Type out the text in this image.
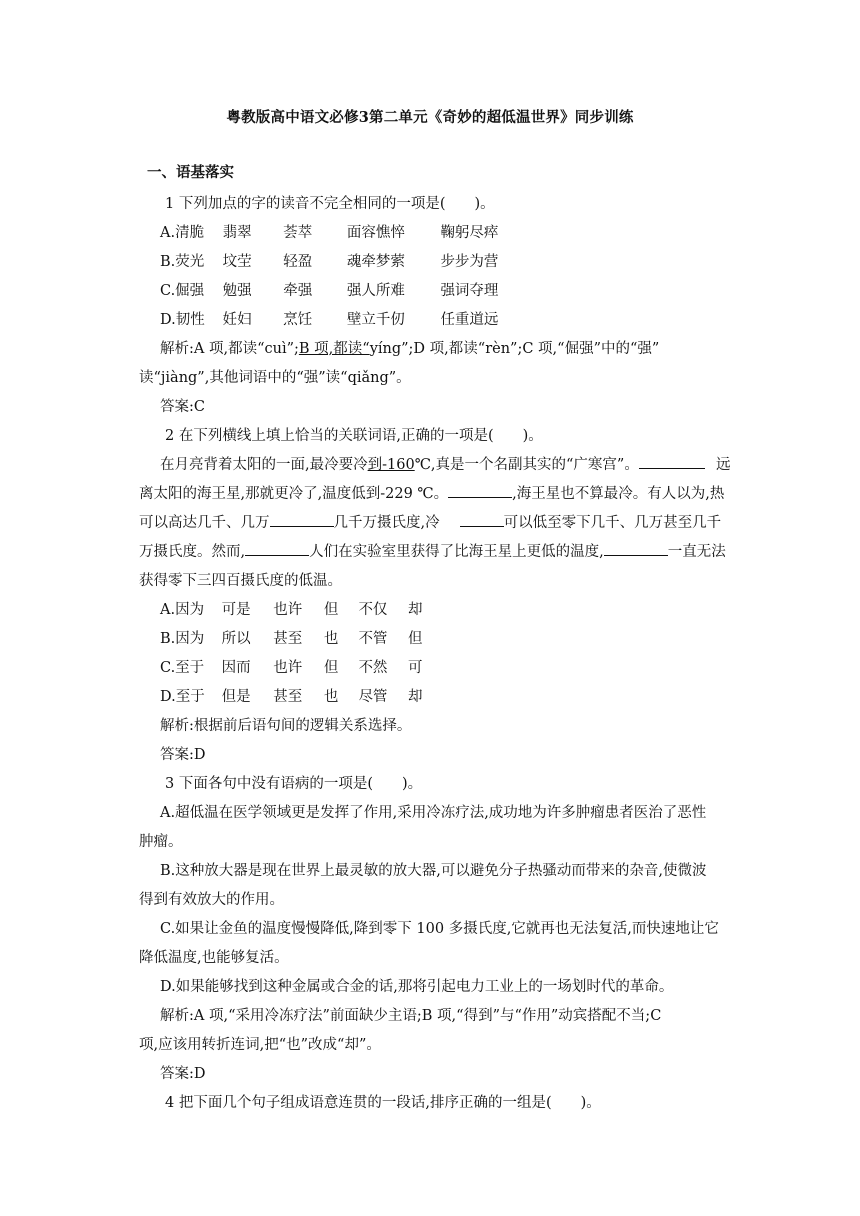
粤教版高中语文必修3第二单元《奇妙的超低温世界》同步训练
一、语基落实
1 下列加点的字的读音不完全相同的一项是(　　)。
A.清脆 翡翠 荟萃 面容憔悴 鞠躬尽瘁
B.荧光 坟茔 轻盈 魂牵梦萦 步步为营
C.倔强 勉强 牵强 强人所难 强词夺理
D.韧性 妊妇 烹饪 壁立千仞 任重道远
解析:A 项,都读“cuì”;B 项,都读“yíng”;D 项,都读“rèn”;C 项,“倔强”中的“强”
读“jiàng”,其他词语中的“强”读“qiǎng”。
答案:C
2 在下列横线上填上恰当的关联词语,正确的一项是(　　)。
在月亮背着太阳的一面,最冷要冷到-160℃,真是一个名副其实的“广寒宫”。	远
离太阳的海王星,那就更冷了,温度低到-229 ℃。	,海王星也不算最冷。有人以为,热
可以高达几千、几万	几千万摄氏度,冷	可以低至零下几千、几万甚至几千
万摄氏度。然而,	人们在实验室里获得了比海王星上更低的温度,	一直无法
获得零下三四百摄氏度的低温。
A.因为 可是 也许 但 不仅 却
B.因为 所以 甚至 也 不管 但
C.至于 因而 也许 但 不然 可
D.至于 但是 甚至 也 尽管 却
解析:根据前后语句间的逻辑关系选择。
答案:D
3 下面各句中没有语病的一项是(　　)。
A.超低温在医学领域更是发挥了作用,采用冷冻疗法,成功地为许多肿瘤患者医治了恶性
肿瘤。
B.这种放大器是现在世界上最灵敏的放大器,可以避免分子热骚动而带来的杂音,使微波
得到有效放大的作用。
C.如果让金鱼的温度慢慢降低,降到零下 100 多摄氏度,它就再也无法复活,而快速地让它
降低温度,也能够复活。
D.如果能够找到这种金属或合金的话,那将引起电力工业上的一场划时代的革命。
解析:A 项,“采用冷冻疗法”前面缺少主语;B 项,“得到”与“作用”动宾搭配不当;C
项,应该用转折连词,把“也”改成“却”。
答案:D
4 把下面几个句子组成语意连贯的一段话,排序正确的一组是(　　)。
